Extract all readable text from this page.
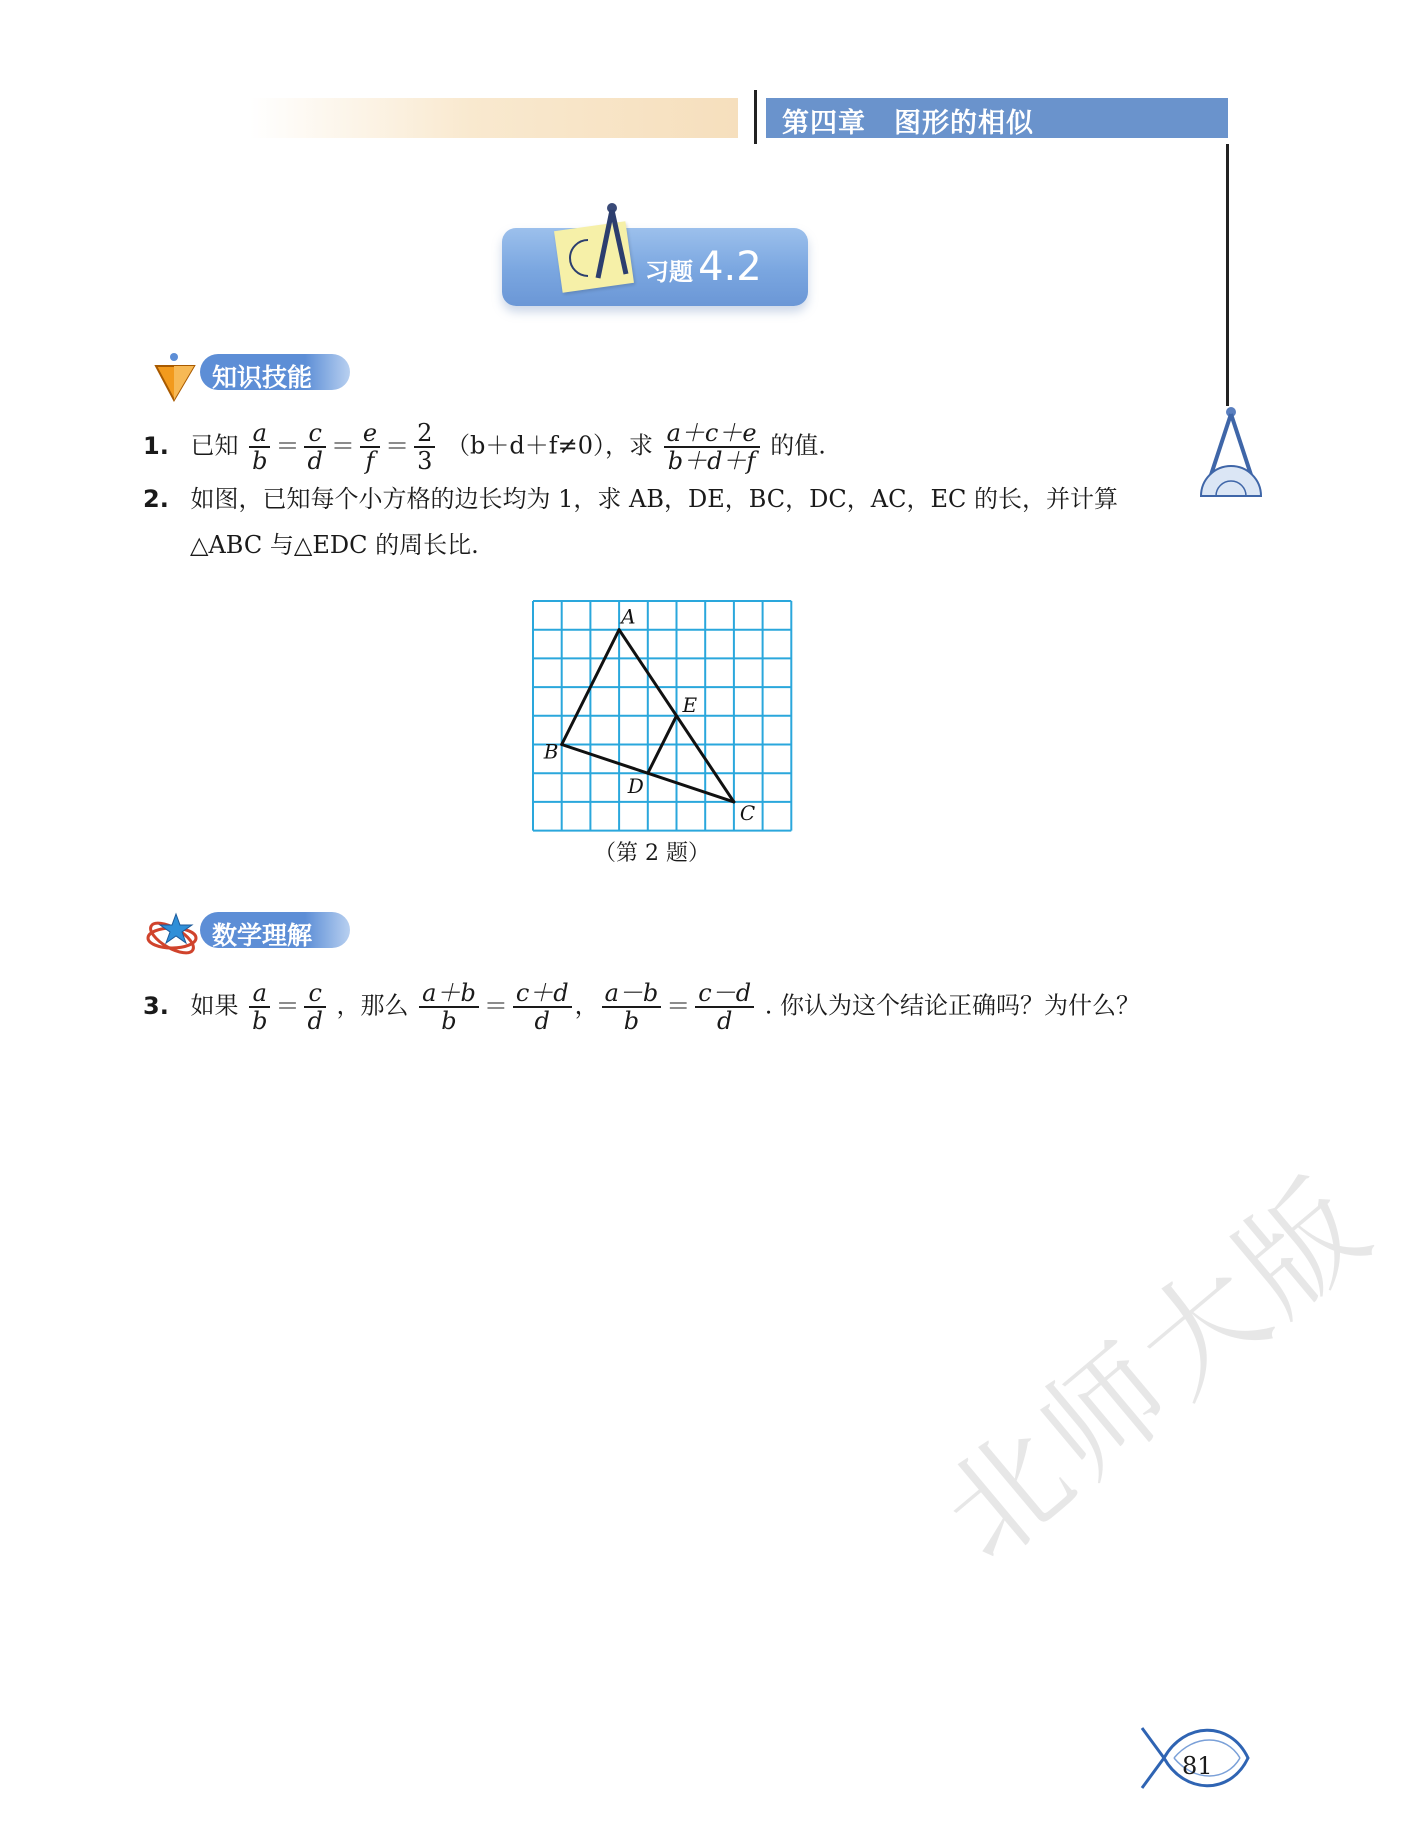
第四章　图形的相似
习题 4.2
知识技能
1. 已知 $\frac{a}{b} = \frac{c}{d} = \frac{e}{f} = \frac{2}{3} (b+d+f\ne 0)$，求 $\frac{a+c+e}{b+d+f}$ 的值.
2. 如图，已知每个小方格的边长均为 1，求 AB，DE，BC，DC，AC，EC 的长，并计算
△ABC 与△EDC 的周长比.
A
B
C
D
E
（第 2 题）
数学理解
3. 如果 $\frac{a}{b} = \frac{c}{d}$ ，那么 $\frac{a+b}{b} = \frac{c+d}{d}$ ， $\frac{a-b}{b} = \frac{c-d}{d}$ . 你认为这个结论正确吗？为什么？
北师大版
81
